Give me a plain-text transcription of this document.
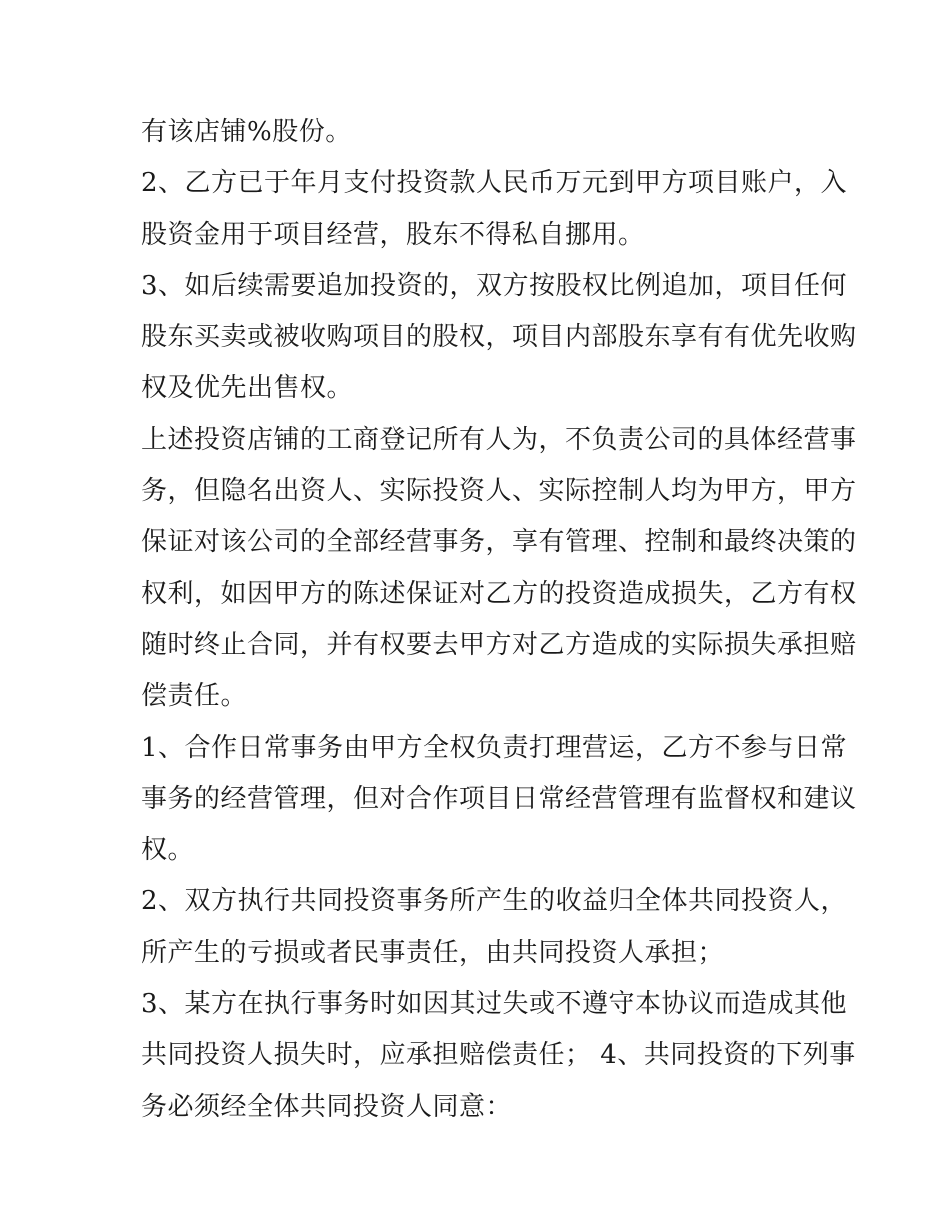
有该店铺%股份。
2、乙方已于年月支付投资款人民币万元到甲方项目账户，入
股资金用于项目经营，股东不得私自挪用。
3、如后续需要追加投资的，双方按股权比例追加，项目任何
股东买卖或被收购项目的股权，项目内部股东享有有优先收购
权及优先出售权。
上述投资店铺的工商登记所有人为，不负责公司的具体经营事
务，但隐名出资人、实际投资人、实际控制人均为甲方，甲方
保证对该公司的全部经营事务，享有管理、控制和最终决策的
权利，如因甲方的陈述保证对乙方的投资造成损失，乙方有权
随时终止合同，并有权要去甲方对乙方造成的实际损失承担赔
偿责任。
1、合作日常事务由甲方全权负责打理营运，乙方不参与日常
事务的经营管理，但对合作项目日常经营管理有监督权和建议
权。
2、双方执行共同投资事务所产生的收益归全体共同投资人，
所产生的亏损或者民事责任，由共同投资人承担；
3、某方在执行事务时如因其过失或不遵守本协议而造成其他
共同投资人损失时，应承担赔偿责任； 4、共同投资的下列事
务必须经全体共同投资人同意：
